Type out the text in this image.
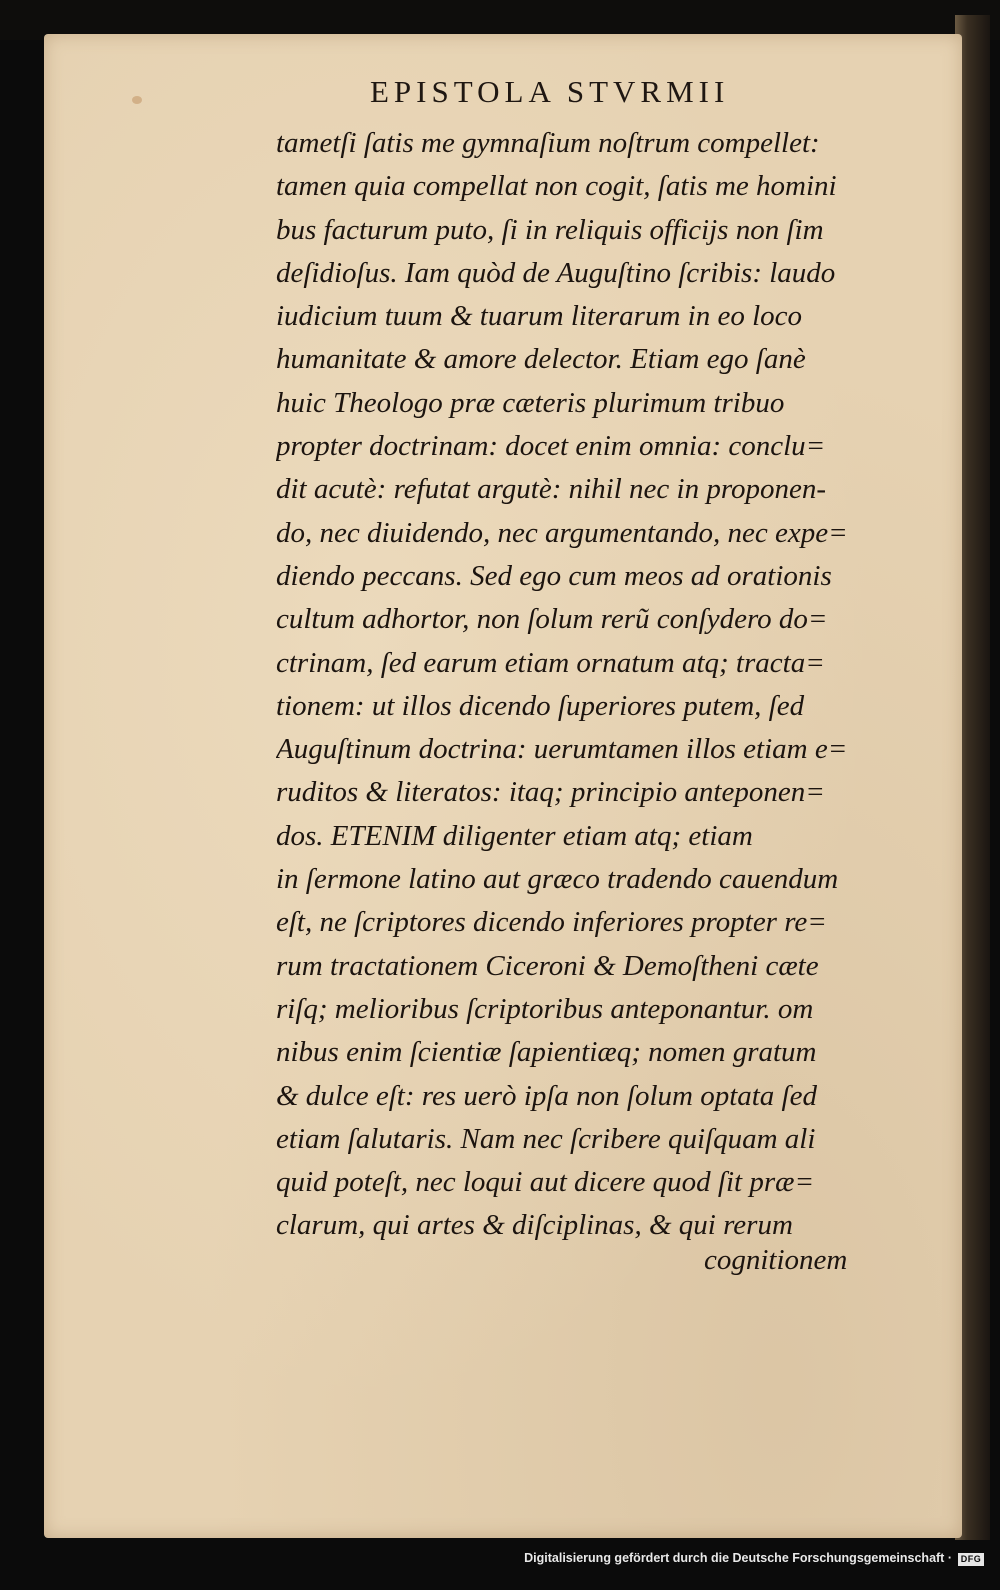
EPISTOLA STVRMII
tametſi ſatis me gymnaſium noſtrum compellet:
tamen quia compellat non cogit, ſatis me homini
bus facturum puto, ſi in reliquis officijs non ſim
deſidioſus. Iam quòd de Auguſtino ſcribis: laudo
iudicium tuum & tuarum literarum in eo loco
humanitate & amore delector. Etiam ego ſanè
huic Theologo præ cæteris plurimum tribuo
propter doctrinam: docet enim omnia: conclu=
dit acutè: refutat argutè: nihil nec in proponen-
do, nec diuidendo, nec argumentando, nec expe=
diendo peccans. Sed ego cum meos ad orationis
cultum adhortor, non ſolum rerũ conſydero do=
ctrinam, ſed earum etiam ornatum atq; tracta=
tionem: ut illos dicendo ſuperiores putem, ſed
Auguſtinum doctrina: uerumtamen illos etiam e=
ruditos & literatos: itaq; principio anteponen=
dos. ETENIM diligenter etiam atq; etiam
in ſermone latino aut græco tradendo cauendum
eſt, ne ſcriptores dicendo inferiores propter re=
rum tractationem Ciceroni & Demoſtheni cæte
riſq; melioribus ſcriptoribus anteponantur. om
nibus enim ſcientiæ ſapientiæq; nomen gratum
& dulce eſt: res uerò ipſa non ſolum optata ſed
etiam ſalutaris. Nam nec ſcribere quiſquam ali
quid poteſt, nec loqui aut dicere quod ſit præ=
clarum, qui artes & diſciplinas, & qui rerum
cognitionem
Digitalisierung gefördert durch die Deutsche Forschungsgemeinschaft · DFG
